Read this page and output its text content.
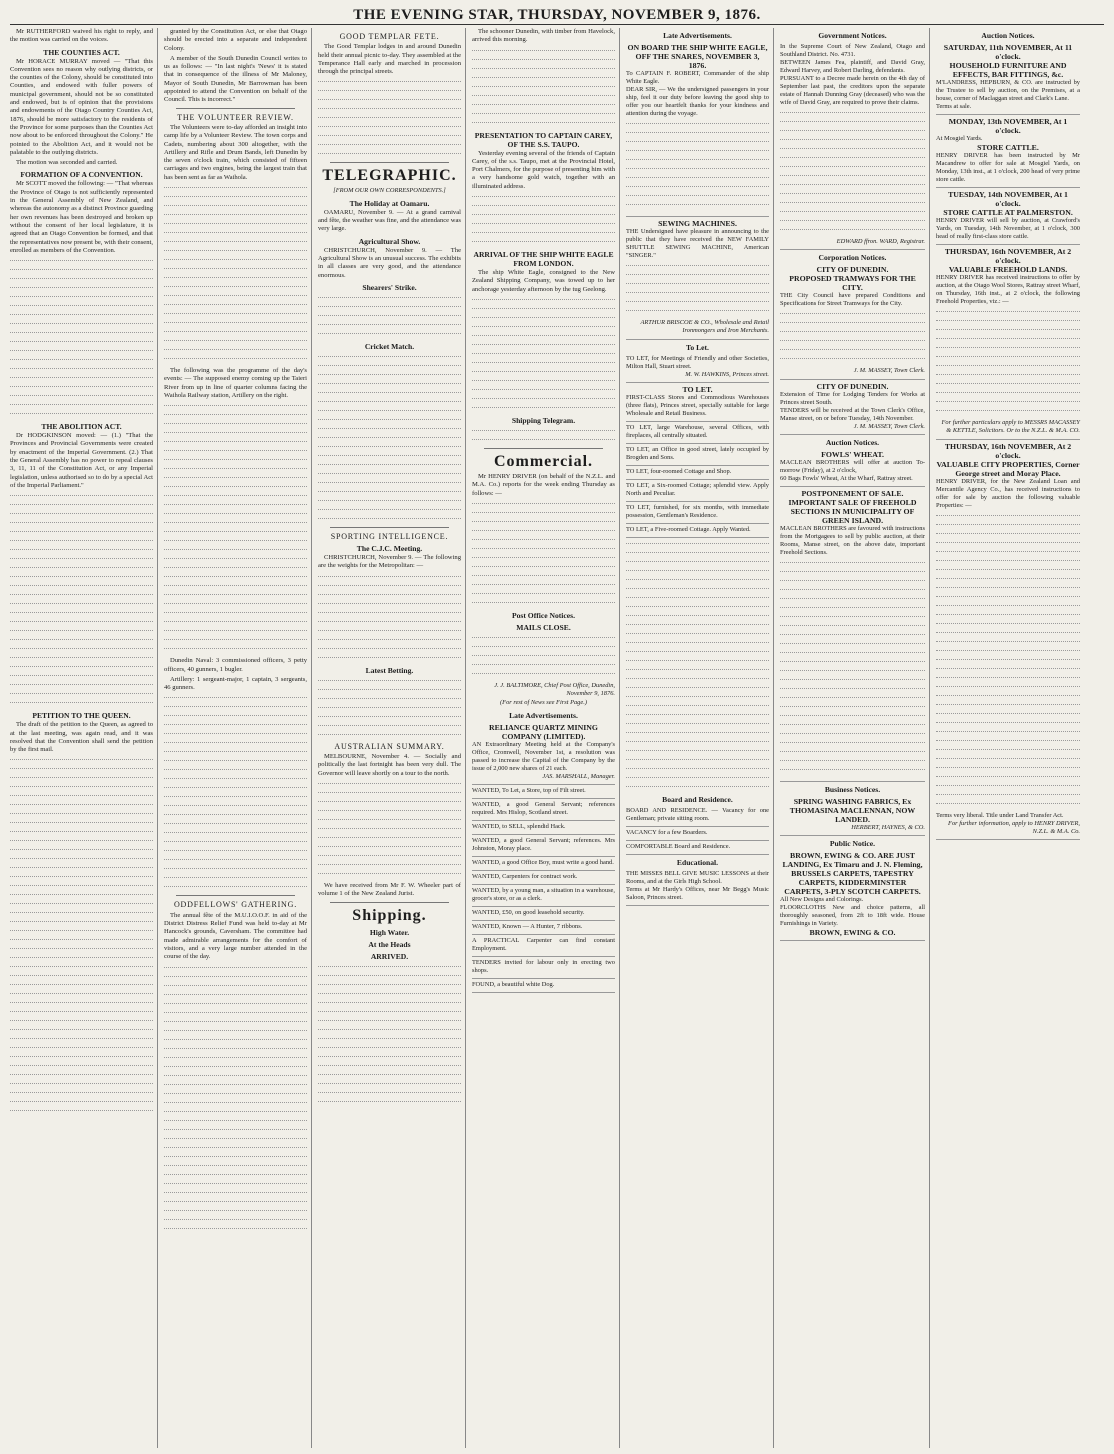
THE EVENING STAR, THURSDAY, NOVEMBER 9, 1876.

Mr RUTHERFORD waived his right to reply, and the motion was carried on the voices.

THE COUNTIES ACT.

Mr HORACE MURRAY moved — "That this Convention sees no reason why outlying districts, or the counties of the Colony, should be constituted into Counties, and endowed with fuller powers of municipal government, should not be so constituted and endowed, but is of opinion that the provisions and endowments of the Otago Country Counties Act, 1876, should be more satisfactory to the residents of the Province for some purposes than the Counties Act now about to be enforced throughout the Colony." He pointed to the Abolition Act, and it would not be palatable to the outlying districts.

The motion was seconded and carried.

FORMATION OF A CONVENTION.

Mr SCOTT moved the following: — "That whereas the Province of Otago is not sufficiently represented in the General Assembly of New Zealand, and whereas the autonomy as a distinct Province guarding her own revenues has been destroyed and broken up without the consent of her local legislature, it is agreed that an Otago Convention be formed, and that the representatives now present be, with their consent, enrolled as members of the Convention.

THE ABOLITION ACT.

Dr HODGKINSON moved: — (1.) "That the Provinces and Provincial Governments were created by enactment of the Imperial Government. (2.) That the General Assembly has no power to repeal clauses 3, 11, 11 of the Constitution Act, or any Imperial legislation, unless authorised so to do by a special Act of the Imperial Parliament."

PETITION TO THE QUEEN.

The draft of the petition to the Queen, as agreed to at the last meeting, was again read, and it was resolved that the Convention shall send the petition by the first mail.

granted by the Constitution Act, or else that Otago should be erected into a separate and independent Colony.

A member of the South Dunedin Council writes to us as follows: — "In last night's 'News' it is stated that in consequence of the illness of Mr Maloney, Mayor of South Dunedin, Mr Barrowman has been appointed to attend the Convention on behalf of the Council. This is incorrect."

THE VOLUNTEER REVIEW.

The Volunteers were to-day afforded an insight into camp life by a Volunteer Review. The town corps and Cadets, numbering about 300 altogether, with the Artillery and Rifle and Drum Bands, left Dunedin by the seven o'clock train, which consisted of fifteen carriages and two engines, being the largest train that has been sent as far as Waihola.

The following was the programme of the day's events: — The supposed enemy coming up the Taieri River from up in line of quarter columns facing the Waihola Railway station, Artillery on the right.

Dunedin Naval: 3 commissioned officers, 3 petty officers, 40 gunners, 1 bugler.

Artillery: 1 sergeant-major, 1 captain, 3 sergeants, 46 gunners.

ODDFELLOWS' GATHERING.

The annual fête of the M.U.I.O.O.F. in aid of the District Distress Relief Fund was held to-day at Mr Hancock's grounds, Caversham. The committee had made admirable arrangements for the comfort of visitors, and a very large number attended in the course of the day.

GOOD TEMPLAR FETE.

The Good Templar lodges in and around Dunedin held their annual picnic to-day. They assembled at the Temperance Hall early and marched in procession through the principal streets.

TELEGRAPHIC.
[FROM OUR OWN CORRESPONDENTS.]
The Holiday at Oamaru.

OAMARU, November 9. — At a grand carnival and fête, the weather was fine, and the attendance was very large.

Agricultural Show.

CHRISTCHURCH, November 9. — The Agricultural Show is an unusual success. The exhibits in all classes are very good, and the attendance enormous.

Shearers' Strike.
Cricket Match.
SPORTING INTELLIGENCE.
The C.J.C. Meeting.

CHRISTCHURCH, November 9. — The following are the weights for the Metropolitan: —

Latest Betting.
AUSTRALIAN SUMMARY.

MELBOURNE, November 4. — Socially and politically the last fortnight has been very dull. The Governor will leave shortly on a tour to the north.

We have received from Mr F. W. Wheeler part of volume 1 of the New Zealand Jurist.

Shipping.
High Water.
At the Heads
ARRIVED.

The schooner Dunedin, with timber from Havelock, arrived this morning.

PRESENTATION TO CAPTAIN CAREY, OF THE S.S. TAUPO.

Yesterday evening several of the friends of Captain Carey, of the s.s. Taupo, met at the Provincial Hotel, Port Chalmers, for the purpose of presenting him with a very handsome gold watch, together with an illuminated address.

ARRIVAL OF THE SHIP WHITE EAGLE FROM LONDON.

The ship White Eagle, consigned to the New Zealand Shipping Company, was towed up to her anchorage yesterday afternoon by the tug Geelong.

Shipping Telegram.
Commercial.

Mr HENRY DRIVER (on behalf of the N.Z.L. and M.A. Co.) reports for the week ending Thursday as follows: —

Post Office Notices.
MAILS CLOSE.
J. J. BALTIMORE, Chief Post Office, Dunedin, November 9, 1876.
(For rest of News see First Page.)
Late Advertisements.
RELIANCE QUARTZ MINING COMPANY (LIMITED).
AN Extraordinary Meeting held at the Company's Office, Cromwell, November 1st, a resolution was passed to increase the Capital of the Company by the issue of 2,000 new shares of 21 each.
JAS. MARSHALL, Manager.
WANTED, To Let, a Store, top of Filt street.
WANTED, a good General Servant; references required. Mrs Hislop, Scotland street.
WANTED, to SELL, splendid Hack.
WANTED, a good General Servant; references. Mrs Johnston, Moray place.
WANTED, a good Office Boy, must write a good hand.
WANTED, Carpenters for contract work.
WANTED, by a young man, a situation in a warehouse, grocer's store, or as a clerk.
WANTED, £50, on good leasehold security.
WANTED, Known — A Hunter, 7 ribbons.
A PRACTICAL Carpenter can find constant Employment.
TENDERS invited for labour only in erecting two shops.
FOUND, a beautiful white Dog.
Late Advertisements.
ON BOARD THE SHIP WHITE EAGLE, OFF THE SNARES, NOVEMBER 3, 1876.
To CAPTAIN F. ROBERT, Commander of the ship White Eagle.
DEAR SIR, — We the undersigned passengers in your ship, feel it our duty before leaving the good ship to offer you our heartfelt thanks for your kindness and attention during the voyage.
SEWING MACHINES.
THE Undersigned have pleasure in announcing to the public that they have received the NEW FAMILY SHUTTLE SEWING MACHINE, American "SINGER."
ARTHUR BRISCOE & CO., Wholesale and Retail Ironmongers and Iron Merchants.
To Let.
TO LET, for Meetings of Friendly and other Societies, Milton Hall, Stuart street.
M. W. HAWKINS, Princes street.
TO LET.
FIRST-CLASS Stores and Commodious Warehouses (three flats), Princes street, specially suitable for large Wholesale and Retail Business.
TO LET, large Warehouse, several Offices, with fireplaces, all centrally situated.
TO LET, an Office in good street, lately occupied by Brogden and Sons.
TO LET, four-roomed Cottage and Shop.
TO LET, a Six-roomed Cottage; splendid view. Apply North and Peculiar.
TO LET, furnished, for six months, with immediate possession, Gentleman's Residence.
TO LET, a Five-roomed Cottage. Apply Wanted.
Board and Residence.
BOARD AND RESIDENCE. — Vacancy for one Gentleman; private sitting room.
VACANCY for a few Boarders.
COMFORTABLE Board and Residence.
Educational.
THE MISSES BELL GIVE MUSIC LESSONS at their Rooms, and at the Girls High School.
Terms at Mr Hardy's Offices, near Mr Begg's Music Saloon, Princes street.
Government Notices.
In the Supreme Court of New Zealand, Otago and Southland District. No. 4731.
BETWEEN James Fea, plaintiff, and David Gray, Edward Harvey, and Robert Darling, defendants.
PURSUANT to a Decree made herein on the 4th day of September last past, the creditors upon the separate estate of Hannah Dunning Gray (deceased) who was the wife of David Gray, are required to prove their claims.
EDWARD ffron. WARD, Registrar.
Corporation Notices.
CITY OF DUNEDIN.
PROPOSED TRAMWAYS FOR THE CITY.
THE City Council have prepared Conditions and Specifications for Street Tramways for the City.
J. M. MASSEY, Town Clerk.
CITY OF DUNEDIN.
Extension of Time for Lodging Tenders for Works at Princes street South.
TENDERS will be received at the Town Clerk's Office, Manse street, on or before Tuesday, 14th November.
J. M. MASSEY, Town Clerk.
Auction Notices.
FOWLS' WHEAT.
MACLEAN BROTHERS will offer at auction To-morrow (Friday), at 2 o'clock,
60 Bags Fowls' Wheat, At the Wharf, Rattray street.
POSTPONEMENT OF SALE.
IMPORTANT SALE OF FREEHOLD SECTIONS IN MUNICIPALITY OF GREEN ISLAND.
MACLEAN BROTHERS are favoured with instructions from the Mortgagees to sell by public auction, at their Rooms, Manse street, on the above date, important Freehold Sections.
Business Notices.
SPRING WASHING FABRICS, Ex THOMASINA MACLENNAN, NOW LANDED.
HERBERT, HAYNES, & CO.
Public Notice.
BROWN, EWING & CO. ARE JUST LANDING, Ex Timaru and J. N. Fleming,
BRUSSELS CARPETS, TAPESTRY CARPETS, KIDDERMINSTER CARPETS, 3-PLY SCOTCH CARPETS.
All New Designs and Colorings.
FLOORCLOTHS New and choice patterns, all thoroughly seasoned, from 2ft to 18ft wide. House Furnishings in Variety.
BROWN, EWING & CO.
Auction Notices.
SATURDAY, 11th NOVEMBER, At 11 o'clock.
HOUSEHOLD FURNITURE AND EFFECTS, BAR FITTINGS, &c.
M'LANDRESS, HEPBURN, & CO. are instructed by the Trustee to sell by auction, on the Premises, at a house, corner of Maclaggan street and Clark's Lane.
Terms at sale.
MONDAY, 13th NOVEMBER, At 1 o'clock.
At Mosgiel Yards.
STORE CATTLE.
HENRY DRIVER has been instructed by Mr Macandrew to offer for sale at Mosgiel Yards, on Monday, 13th inst., at 1 o'clock, 200 head of very prime store cattle.
TUESDAY, 14th NOVEMBER, At 1 o'clock.
STORE CATTLE AT PALMERSTON.
HENRY DRIVER will sell by auction, at Crawford's Yards, on Tuesday, 14th November, at 1 o'clock, 300 head of really first-class store cattle.
THURSDAY, 16th NOVEMBER, At 2 o'clock.
VALUABLE FREEHOLD LANDS.
HENRY DRIVER has received instructions to offer by auction, at the Otago Wool Stores, Rattray street Wharf, on Thursday, 16th inst., at 2 o'clock, the following Freehold Properties, viz.: —
For further particulars apply to MESSRS MACASSEY & KETTLE, Solicitors. Or to the N.Z.L. & M.A. CO.
THURSDAY, 16th NOVEMBER, At 2 o'clock.
VALUABLE CITY PROPERTIES, Corner George street and Moray Place.
HENRY DRIVER, for the New Zealand Loan and Mercantile Agency Co., has received instructions to offer for sale by auction the following valuable Properties: —
Terms very liberal. Title under Land Transfer Act.
For further information, apply to HENRY DRIVER, N.Z.L. & M.A. Co.
